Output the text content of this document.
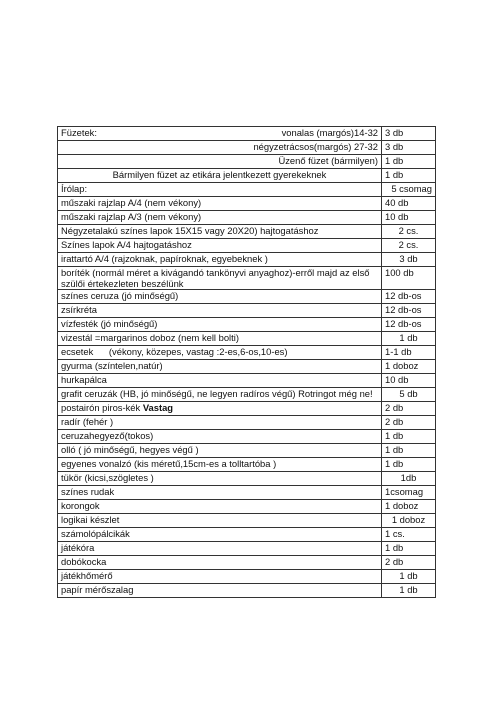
Füzetek: vonalas (margós)14-32	3 db
négyzetrácsos(margós) 27-32	3 db
Üzenő füzet (bármilyen)	1 db
Bármilyen füzet az etikára jelentkezett gyerekeknek	1 db
Írólap:	5 csomag
műszaki rajzlap A/4 (nem vékony)	40 db
műszaki rajzlap A/3 (nem vékony)	10 db
Négyzetalakú színes lapok 15X15 vagy 20X20) hajtogatáshoz	2 cs.
Színes lapok A/4 hajtogatáshoz	2 cs.
irattartó A/4 (rajzoknak, papíroknak, egyebeknek )	3 db
boríték (normál méret a kivágandó tankönyvi anyaghoz)-erről majd az első szülői értekezleten beszélünk	100 db
színes ceruza (jó minőségű)	12 db-os
zsírkréta	12 db-os
vízfesték (jó minőségű)	12 db-os
vizestál =margarinos doboz (nem kell bolti)	1 db
ecsetek      (vékony, közepes, vastag :2-es,6-os,10-es)	1-1 db
gyurma (színtelen,natúr)	1 doboz
hurkapálca	10 db
grafit ceruzák (HB, jó minőségű, ne legyen radíros végű) Rotringot még ne!	5 db
postairón piros-kék Vastag	2 db
radír (fehér )	2 db
ceruzahegyező(tokos)	1 db
olló ( jó minőségű, hegyes végű )	1 db
egyenes vonalzó (kis méretű,15cm-es a tolltartóba )	1 db
tükör (kicsi,szögletes )	1db
színes rudak	1csomag
korongok	1 doboz
logikai készlet	1 doboz
számolópálcikák	1 cs.
játékóra	1 db
dobókocka	2 db
játékhőmérő	1 db
papír mérőszalag	1 db
